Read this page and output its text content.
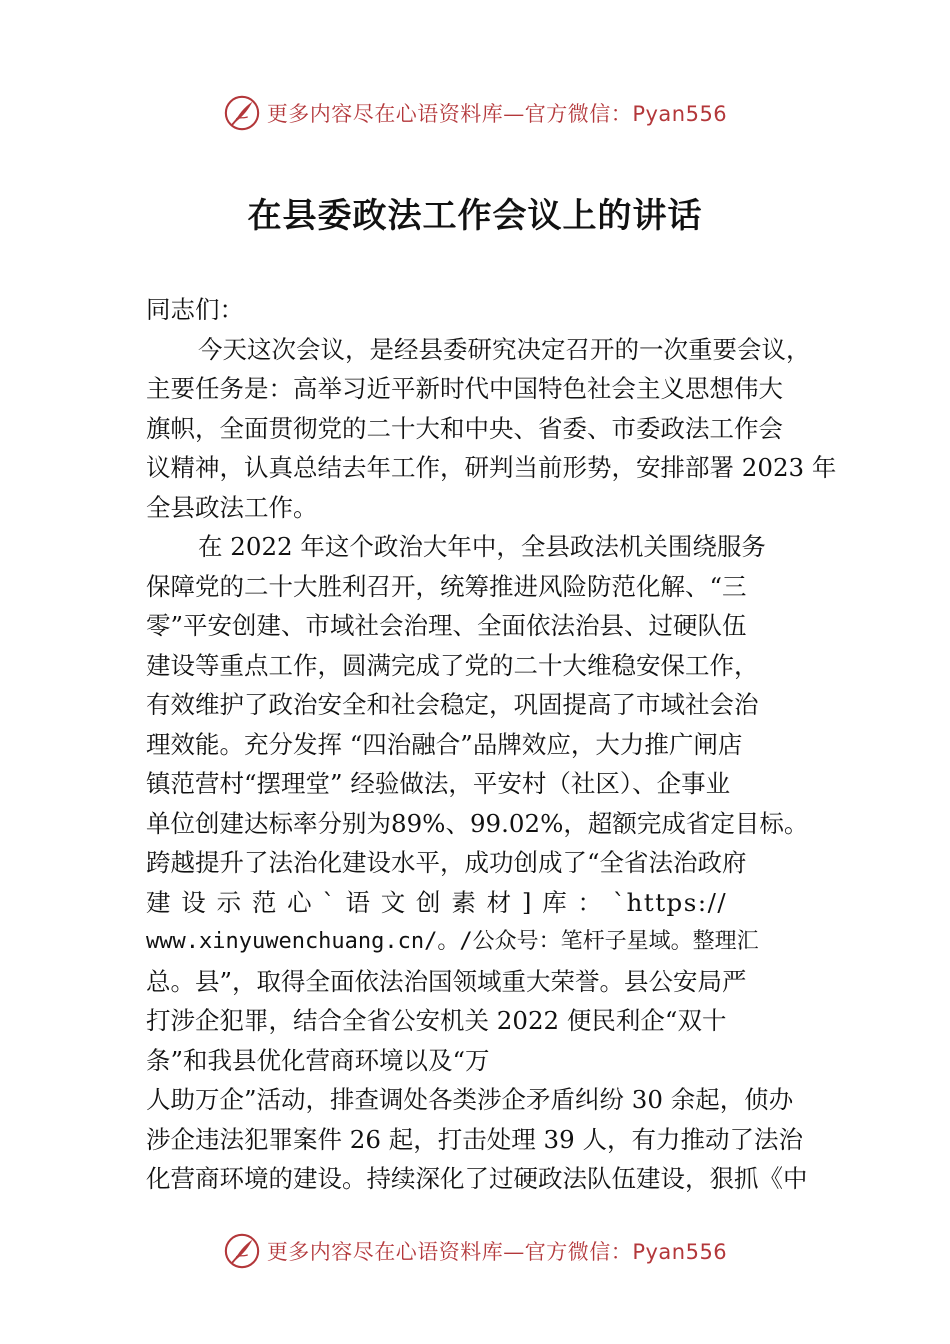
更多内容尽在心语资料库—官方微信：Pyan556
在县委政法工作会议上的讲话
同志们：
今天这次会议，是经县委研究决定召开的一次重要会议，
主要任务是：高举习近平新时代中国特色社会主义思想伟大
旗帜，全面贯彻党的二十大和中央、省委、市委政法工作会
议精神，认真总结去年工作，研判当前形势，安排部署 2023 年
全县政法工作。
在 2022 年这个政治大年中，全县政法机关围绕服务
保障党的二十大胜利召开，统筹推进风险防范化解、“三
零”平安创建、市域社会治理、全面依法治县、过硬队伍
建设等重点工作，圆满完成了党的二十大维稳安保工作，
有效维护了政治安全和社会稳定，巩固提高了市域社会治
理效能。充分发挥 “四治融合”品牌效应，大力推广闸店
镇范营村“摆理堂” 经验做法，平安村（社区）、企事业
单位创建达标率分别为89%、99.02%，超额完成省定目标。
跨越提升了法治化建设水平，成功创成了“全省法治政府
建 设 示 范 心 ` 语 文 创 素 材 ] 库 ： `https://
www.xinyuwenchuang.cn/。/公众号：笔杆子星域。整理汇
总。县”，取得全面依法治国领域重大荣誉。县公安局严
打涉企犯罪，结合全省公安机关 2022 便民利企“双十
条”和我县优化营商环境以及“万
人助万企”活动，排查调处各类涉企矛盾纠纷 30 余起，侦办
涉企违法犯罪案件 26 起，打击处理 39 人，有力推动了法治
化营商环境的建设。持续深化了过硬政法队伍建设，狠抓《中
更多内容尽在心语资料库—官方微信：Pyan556
